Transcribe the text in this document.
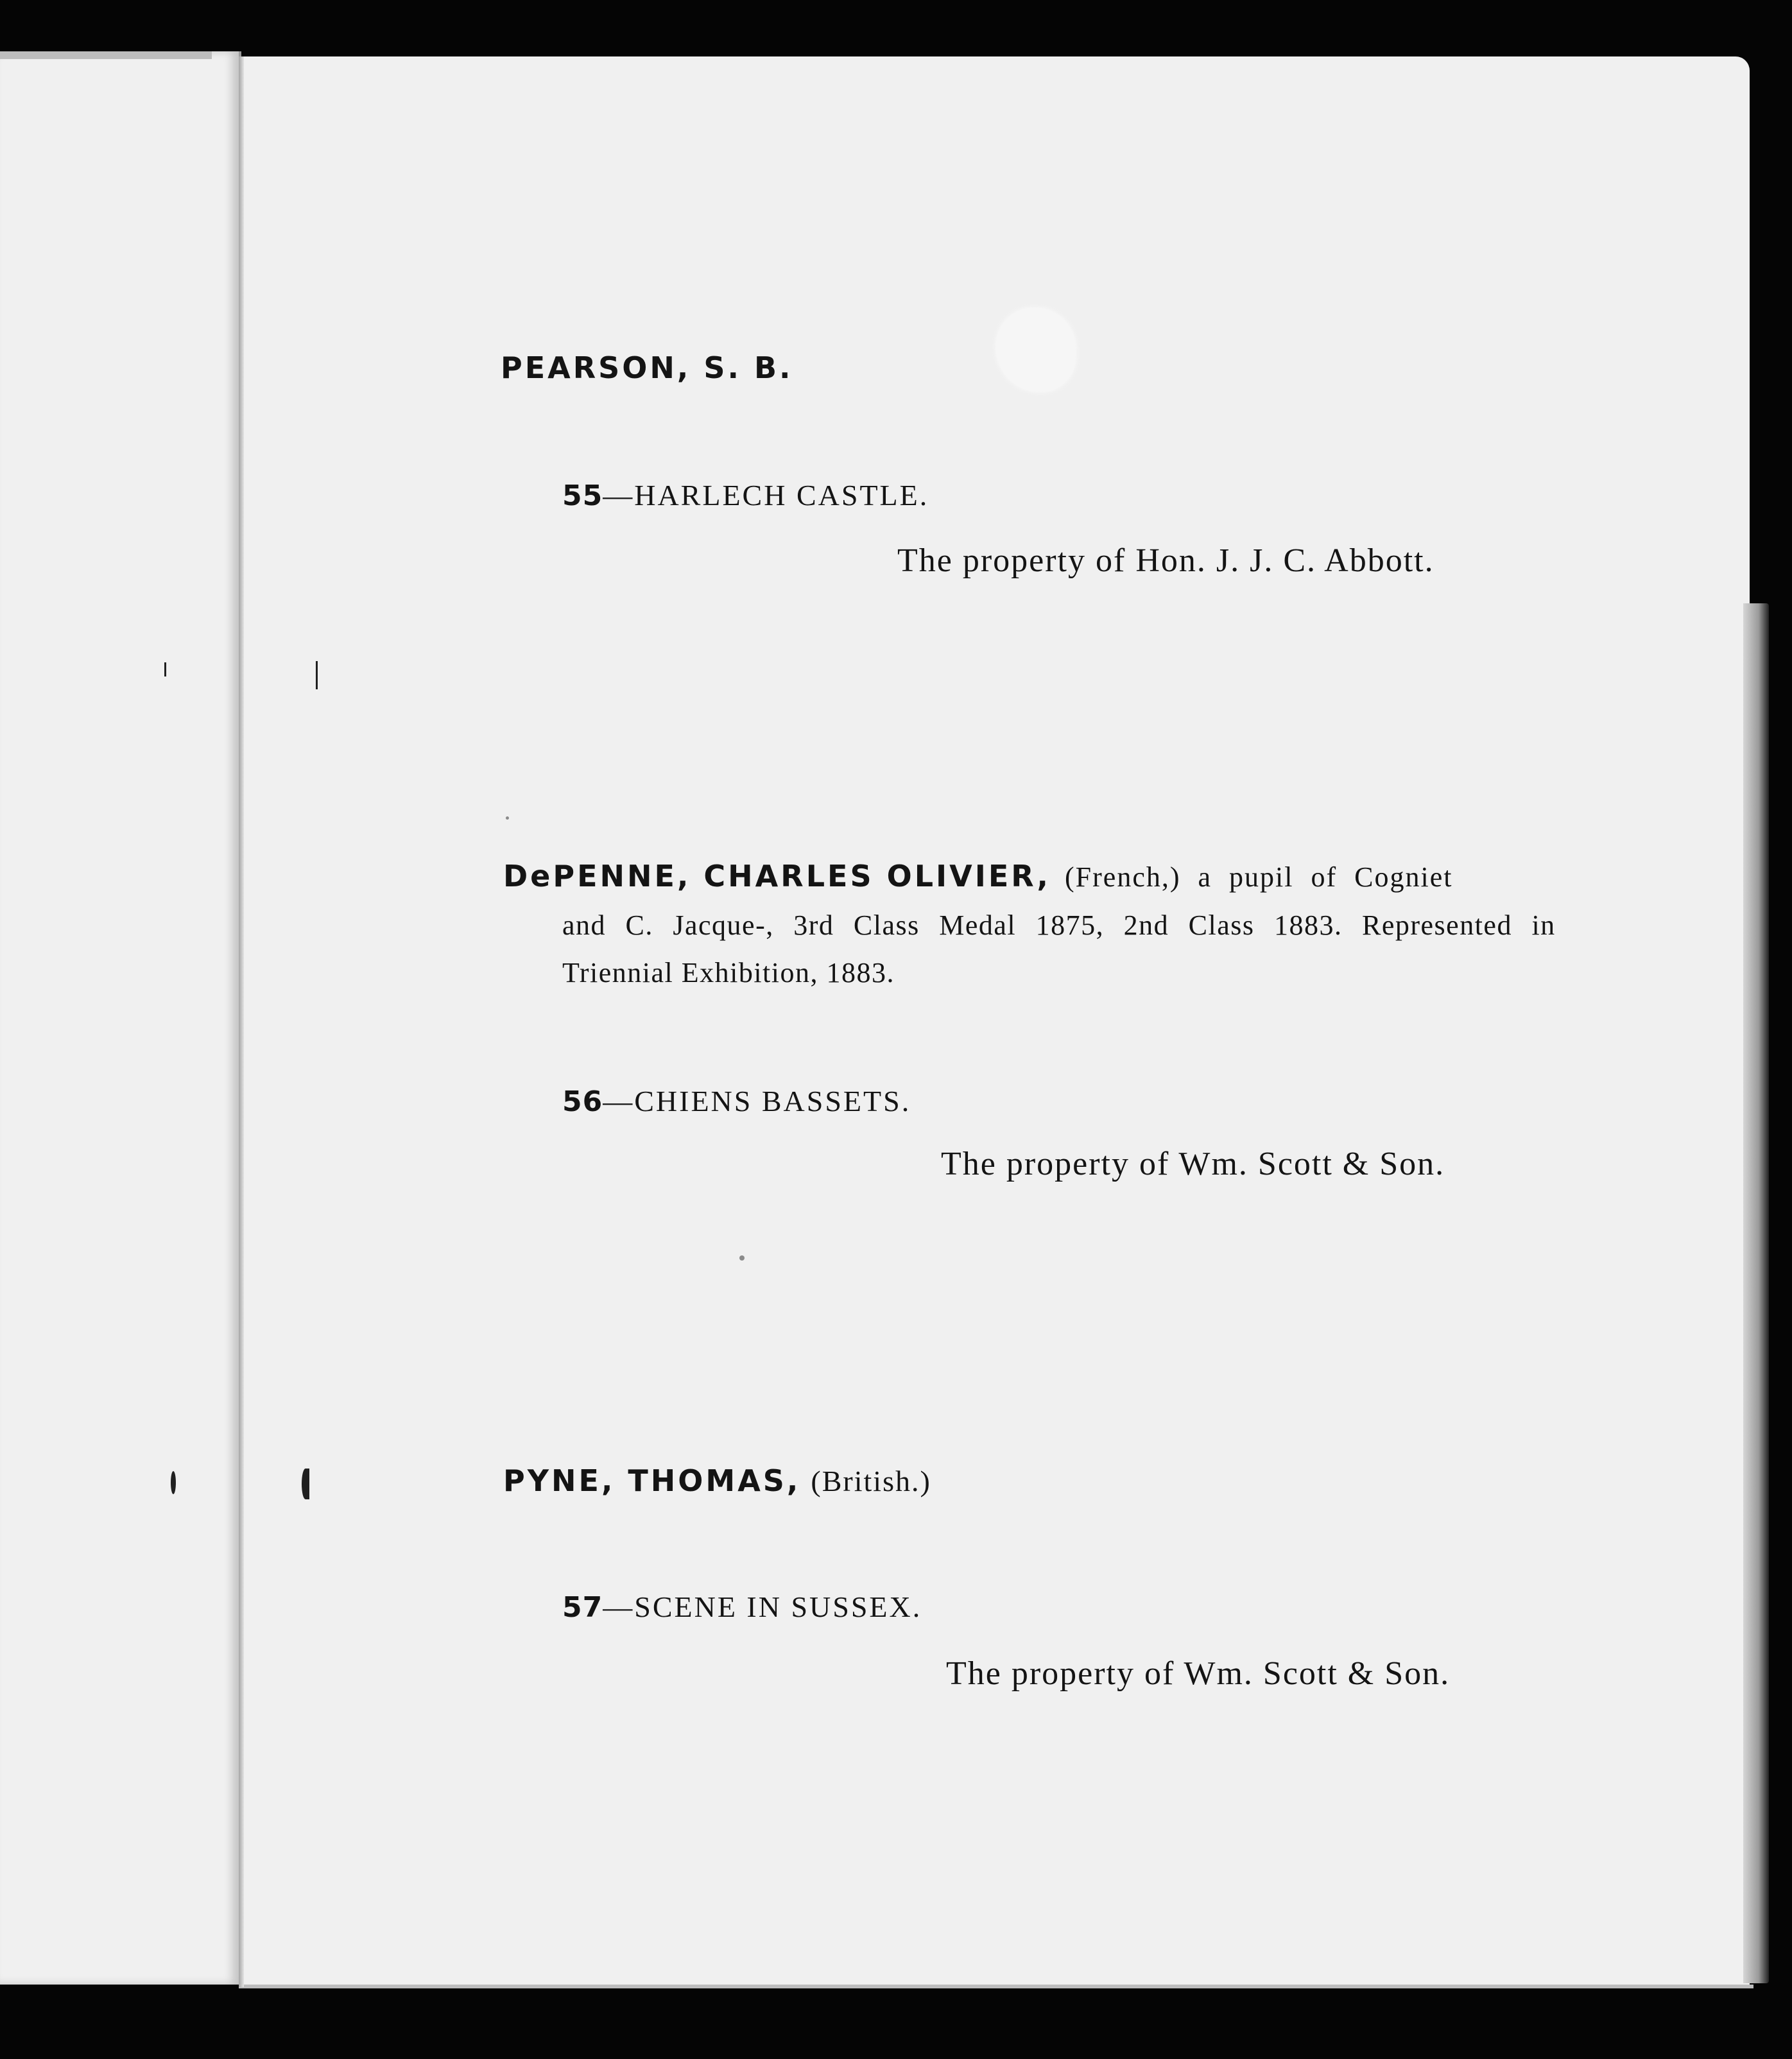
PEARSON, S. B.
55—HARLECH CASTLE.
The property of Hon. J. J. C. Abbott.
DePENNE, CHARLES OLIVIER, (French,) a pupil of Cogniet
and C. Jacque-, 3rd Class Medal 1875, 2nd Class 1883. Represented in
Triennial Exhibition, 1883.
56—CHIENS BASSETS.
The property of Wm. Scott & Son.
PYNE, THOMAS, (British.)
57—SCENE IN SUSSEX.
The property of Wm. Scott & Son.
